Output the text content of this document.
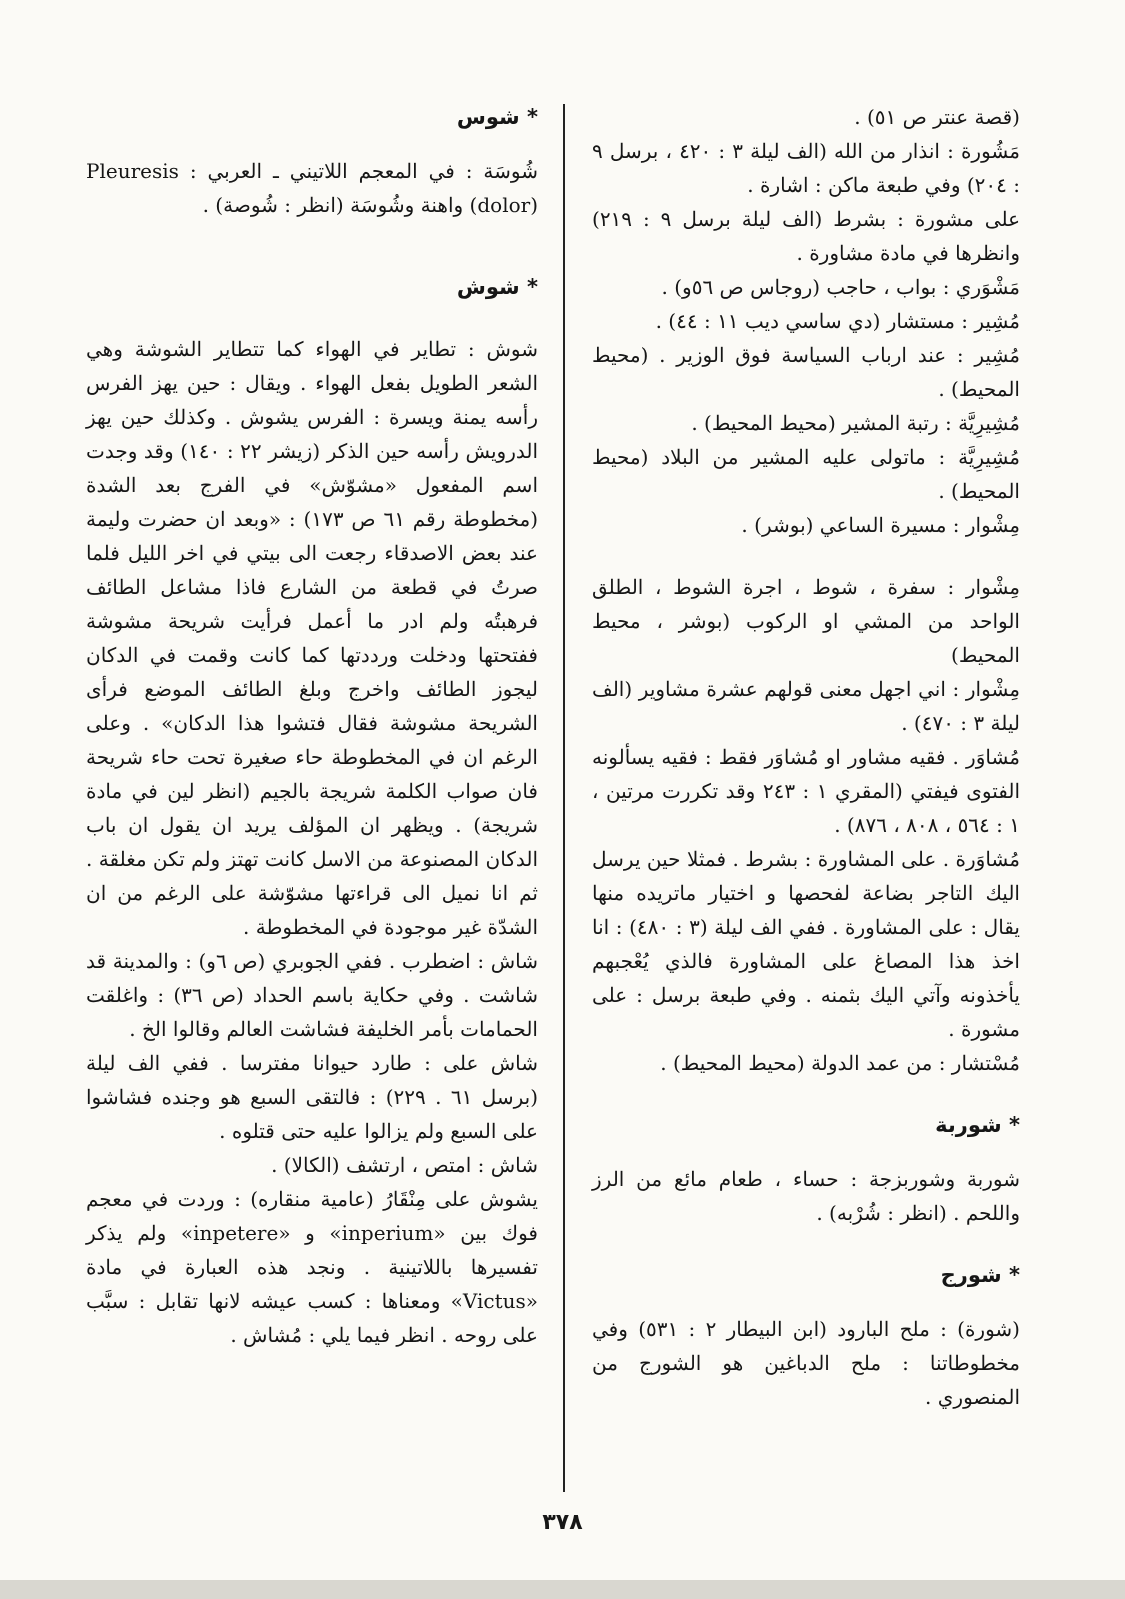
(قصة عنتر ص ٥١) .

مَشُورة : انذار من الله (الف ليلة ٣ : ٤٢٠ ، برسل ٩ : ٢٠٤) وفي طبعة ماكن : اشارة .

على مشورة : بشرط (الف ليلة برسل ٩ : ٢١٩) وانظرها في مادة مشاورة .

مَشْوَري : بواب ، حاجب (روجاس ص ٥٦و) .

مُشِير : مستشار (دي ساسي ديب ١١ : ٤٤) .

مُشِير : عند ارباب السياسة فوق الوزير . (محيط المحيط) .

مُشِيرِيَّة : رتبة المشير (محيط المحيط) .

مُشِيرِيَّة : ماتولى عليه المشير من البلاد (محيط المحيط) .

مِشْوار : مسيرة الساعي (بوشر) .

مِشْوار : سفرة ، شوط ، اجرة الشوط ، الطلق الواحد من المشي او الركوب (بوشر ، محيط المحيط)

مِشْوار : اني اجهل معنى قولهم عشرة مشاوير (الف ليلة ٣ : ٤٧٠) .

مُشاوَر . فقيه مشاور او مُشاوَر فقط : فقيه يسألونه الفتوى فيفتي (المقري ١ : ٢٤٣ وقد تكررت مرتين ، ١ : ٥٦٤ ، ٨٠٨ ، ٨٧٦) .

مُشاوَرة . على المشاورة : بشرط . فمثلا حين يرسل اليك التاجر بضاعة لفحصها و اختيار ماتريده منها يقال : على المشاورة . ففي الف ليلة (٣ : ٤٨٠) : انا اخذ هذا المصاغ على المشاورة فالذي يُعْجبهم يأخذونه وآتي اليك بثمنه . وفي طبعة برسل : على مشورة .

مُسْتشار : من عمد الدولة (محيط المحيط) .

* شوربة

شوربة وشوربزجة : حساء ، طعام مائع من الرز واللحم . (انظر : شُرْبه) .

* شورج

(شورة) : ملح البارود (ابن البيطار ٢ : ٥٣١) وفي مخطوطاتنا : ملح الدباغين هو الشورج من المنصوري .

* شوس

شُوسَة : في المعجم اللاتيني ـ العربي : Pleuresis (dolor) واهنة وشُوسَة (انظر : شُوصة) .

* شوش

شوش : تطاير في الهواء كما تتطاير الشوشة وهي الشعر الطويل بفعل الهواء . ويقال : حين يهز الفرس رأسه يمنة ويسرة : الفرس يشوش . وكذلك حين يهز الدرويش رأسه حين الذكر (زيشر ٢٢ : ١٤٠) وقد وجدت اسم المفعول «مشوّش» في الفرج بعد الشدة (مخطوطة رقم ٦١ ص ١٧٣) : «وبعد ان حضرت وليمة عند بعض الاصدقاء رجعت الى بيتي في اخر الليل فلما صرتُ في قطعة من الشارع فاذا مشاعل الطائف فرهبتُه ولم ادر ما أعمل فرأيت شريحة مشوشة ففتحتها ودخلت ورددتها كما كانت وقمت في الدكان ليجوز الطائف واخرج وبلغ الطائف الموضع فرأى الشريحة مشوشة فقال فتشوا هذا الدكان» . وعلى الرغم ان في المخطوطة حاء صغيرة تحت حاء شريحة فان صواب الكلمة شريجة بالجيم (انظر لين في مادة شريجة) . ويظهر ان المؤلف يريد ان يقول ان باب الدكان المصنوعة من الاسل كانت تهتز ولم تكن مغلقة . ثم انا نميل الى قراءتها مشوّشة على الرغم من ان الشدّة غير موجودة في المخطوطة .

شاش : اضطرب . ففي الجوبري (ص ٦و) : والمدينة قد شاشت . وفي حكاية باسم الحداد (ص ٣٦) : واغلقت الحمامات بأمر الخليفة فشاشت العالم وقالوا الخ .

شاش على : طارد حيوانا مفترسا . ففي الف ليلة (برسل ٦١ . ٢٢٩) : فالتقى السبع هو وجنده فشاشوا على السبع ولم يزالوا عليه حتى قتلوه .

شاش : امتص ، ارتشف (الكالا) .

يشوش على مِنْقَارُ (عامية منقاره) : وردت في معجم فوك بين «inperium» و «inpetere» ولم يذكر تفسيرها باللاتينية . ونجد هذه العبارة في مادة «Victus» ومعناها : كسب عيشه لانها تقابل : سبَّب على روحه . انظر فيما يلي : مُشاش .

٣٧٨
